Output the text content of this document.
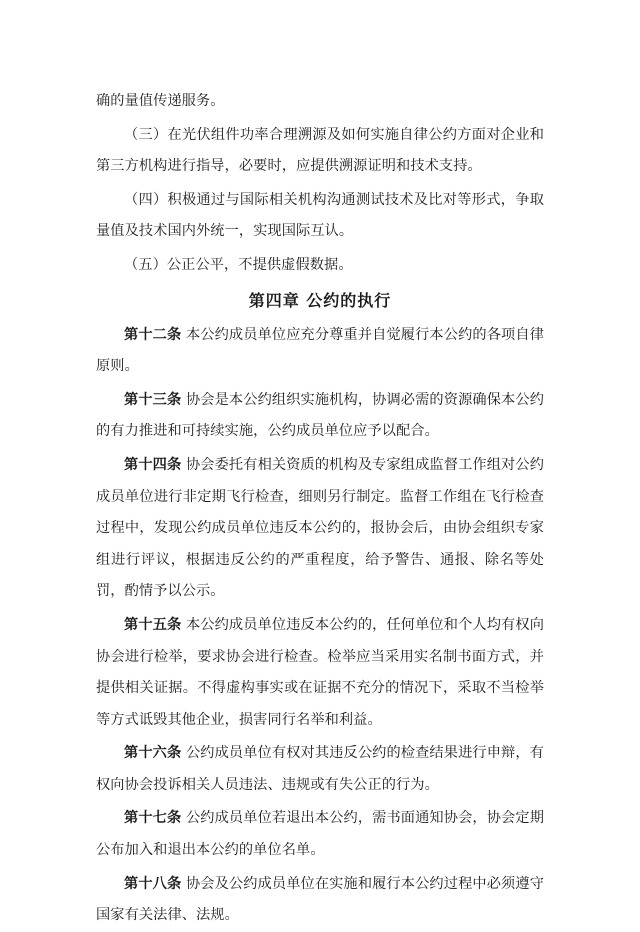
确的量值传递服务。

（三）在光伏组件功率合理溯源及如何实施自律公约方面对企业和第三方机构进行指导，必要时，应提供溯源证明和技术支持。

（四）积极通过与国际相关机构沟通测试技术及比对等形式，争取量值及技术国内外统一，实现国际互认。

（五）公正公平，不提供虚假数据。

第四章 公约的执行

第十二条 本公约成员单位应充分尊重并自觉履行本公约的各项自律原则。

第十三条 协会是本公约组织实施机构，协调必需的资源确保本公约的有力推进和可持续实施，公约成员单位应予以配合。

第十四条 协会委托有相关资质的机构及专家组成监督工作组对公约成员单位进行非定期飞行检查，细则另行制定。监督工作组在飞行检查过程中，发现公约成员单位违反本公约的，报协会后，由协会组织专家组进行评议，根据违反公约的严重程度，给予警告、通报、除名等处罚，酌情予以公示。

第十五条 本公约成员单位违反本公约的，任何单位和个人均有权向协会进行检举，要求协会进行检查。检举应当采用实名制书面方式，并提供相关证据。不得虚构事实或在证据不充分的情况下，采取不当检举等方式诋毁其他企业，损害同行名举和利益。

第十六条 公约成员单位有权对其违反公约的检查结果进行申辩，有权向协会投诉相关人员违法、违规或有失公正的行为。

第十七条 公约成员单位若退出本公约，需书面通知协会，协会定期公布加入和退出本公约的单位名单。

第十八条 协会及公约成员单位在实施和履行本公约过程中必须遵守国家有关法律、法规。
